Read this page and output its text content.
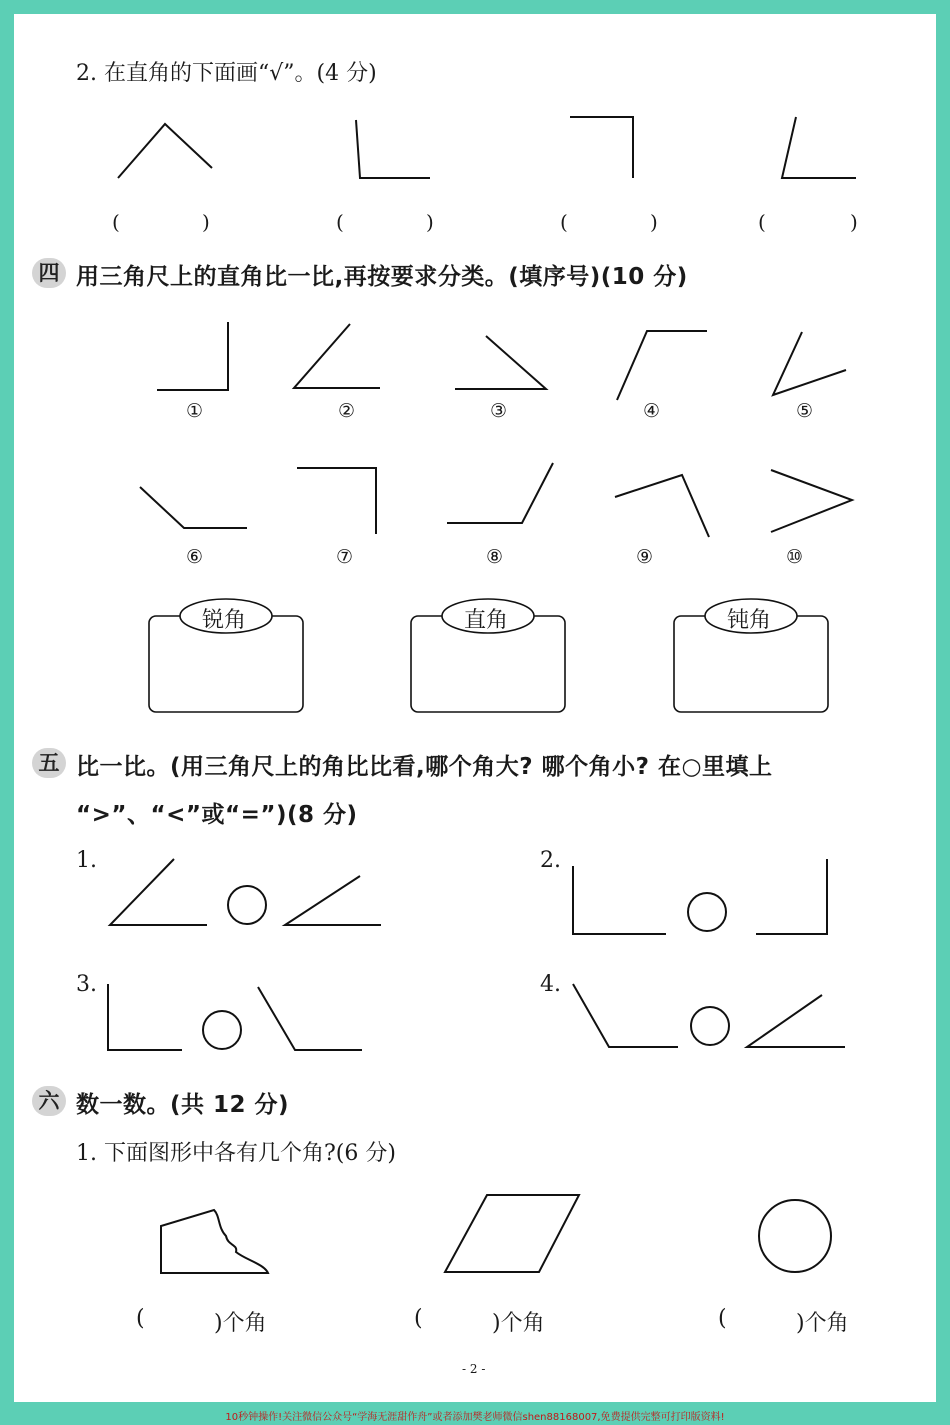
2. 在直角的下面画“√”。(4 分)
(	)	(	)	(	)	(	)
四 用三角尺上的直角比一比,再按要求分类。(填序号)(10 分)
①	②	③	④	⑤
⑥	⑦	⑧	⑨	⑩
五 比一比。(用三角尺上的角比比看,哪个角大? 哪个角小? 在○里填上
“>”、“<”或“=”)(8 分)
1.	2.
3.	4.
六 数一数。(共 12 分)
1. 下面图形中各有几个角?(6 分)
(	)个角	(	)个角	(	)个角
- 2 -
锐角	直角	钝角
10秒钟操作!关注微信公众号“学海无涯甜作舟”或者添加樊老师微信shen88168007,免费提供完整可打印版资料!
